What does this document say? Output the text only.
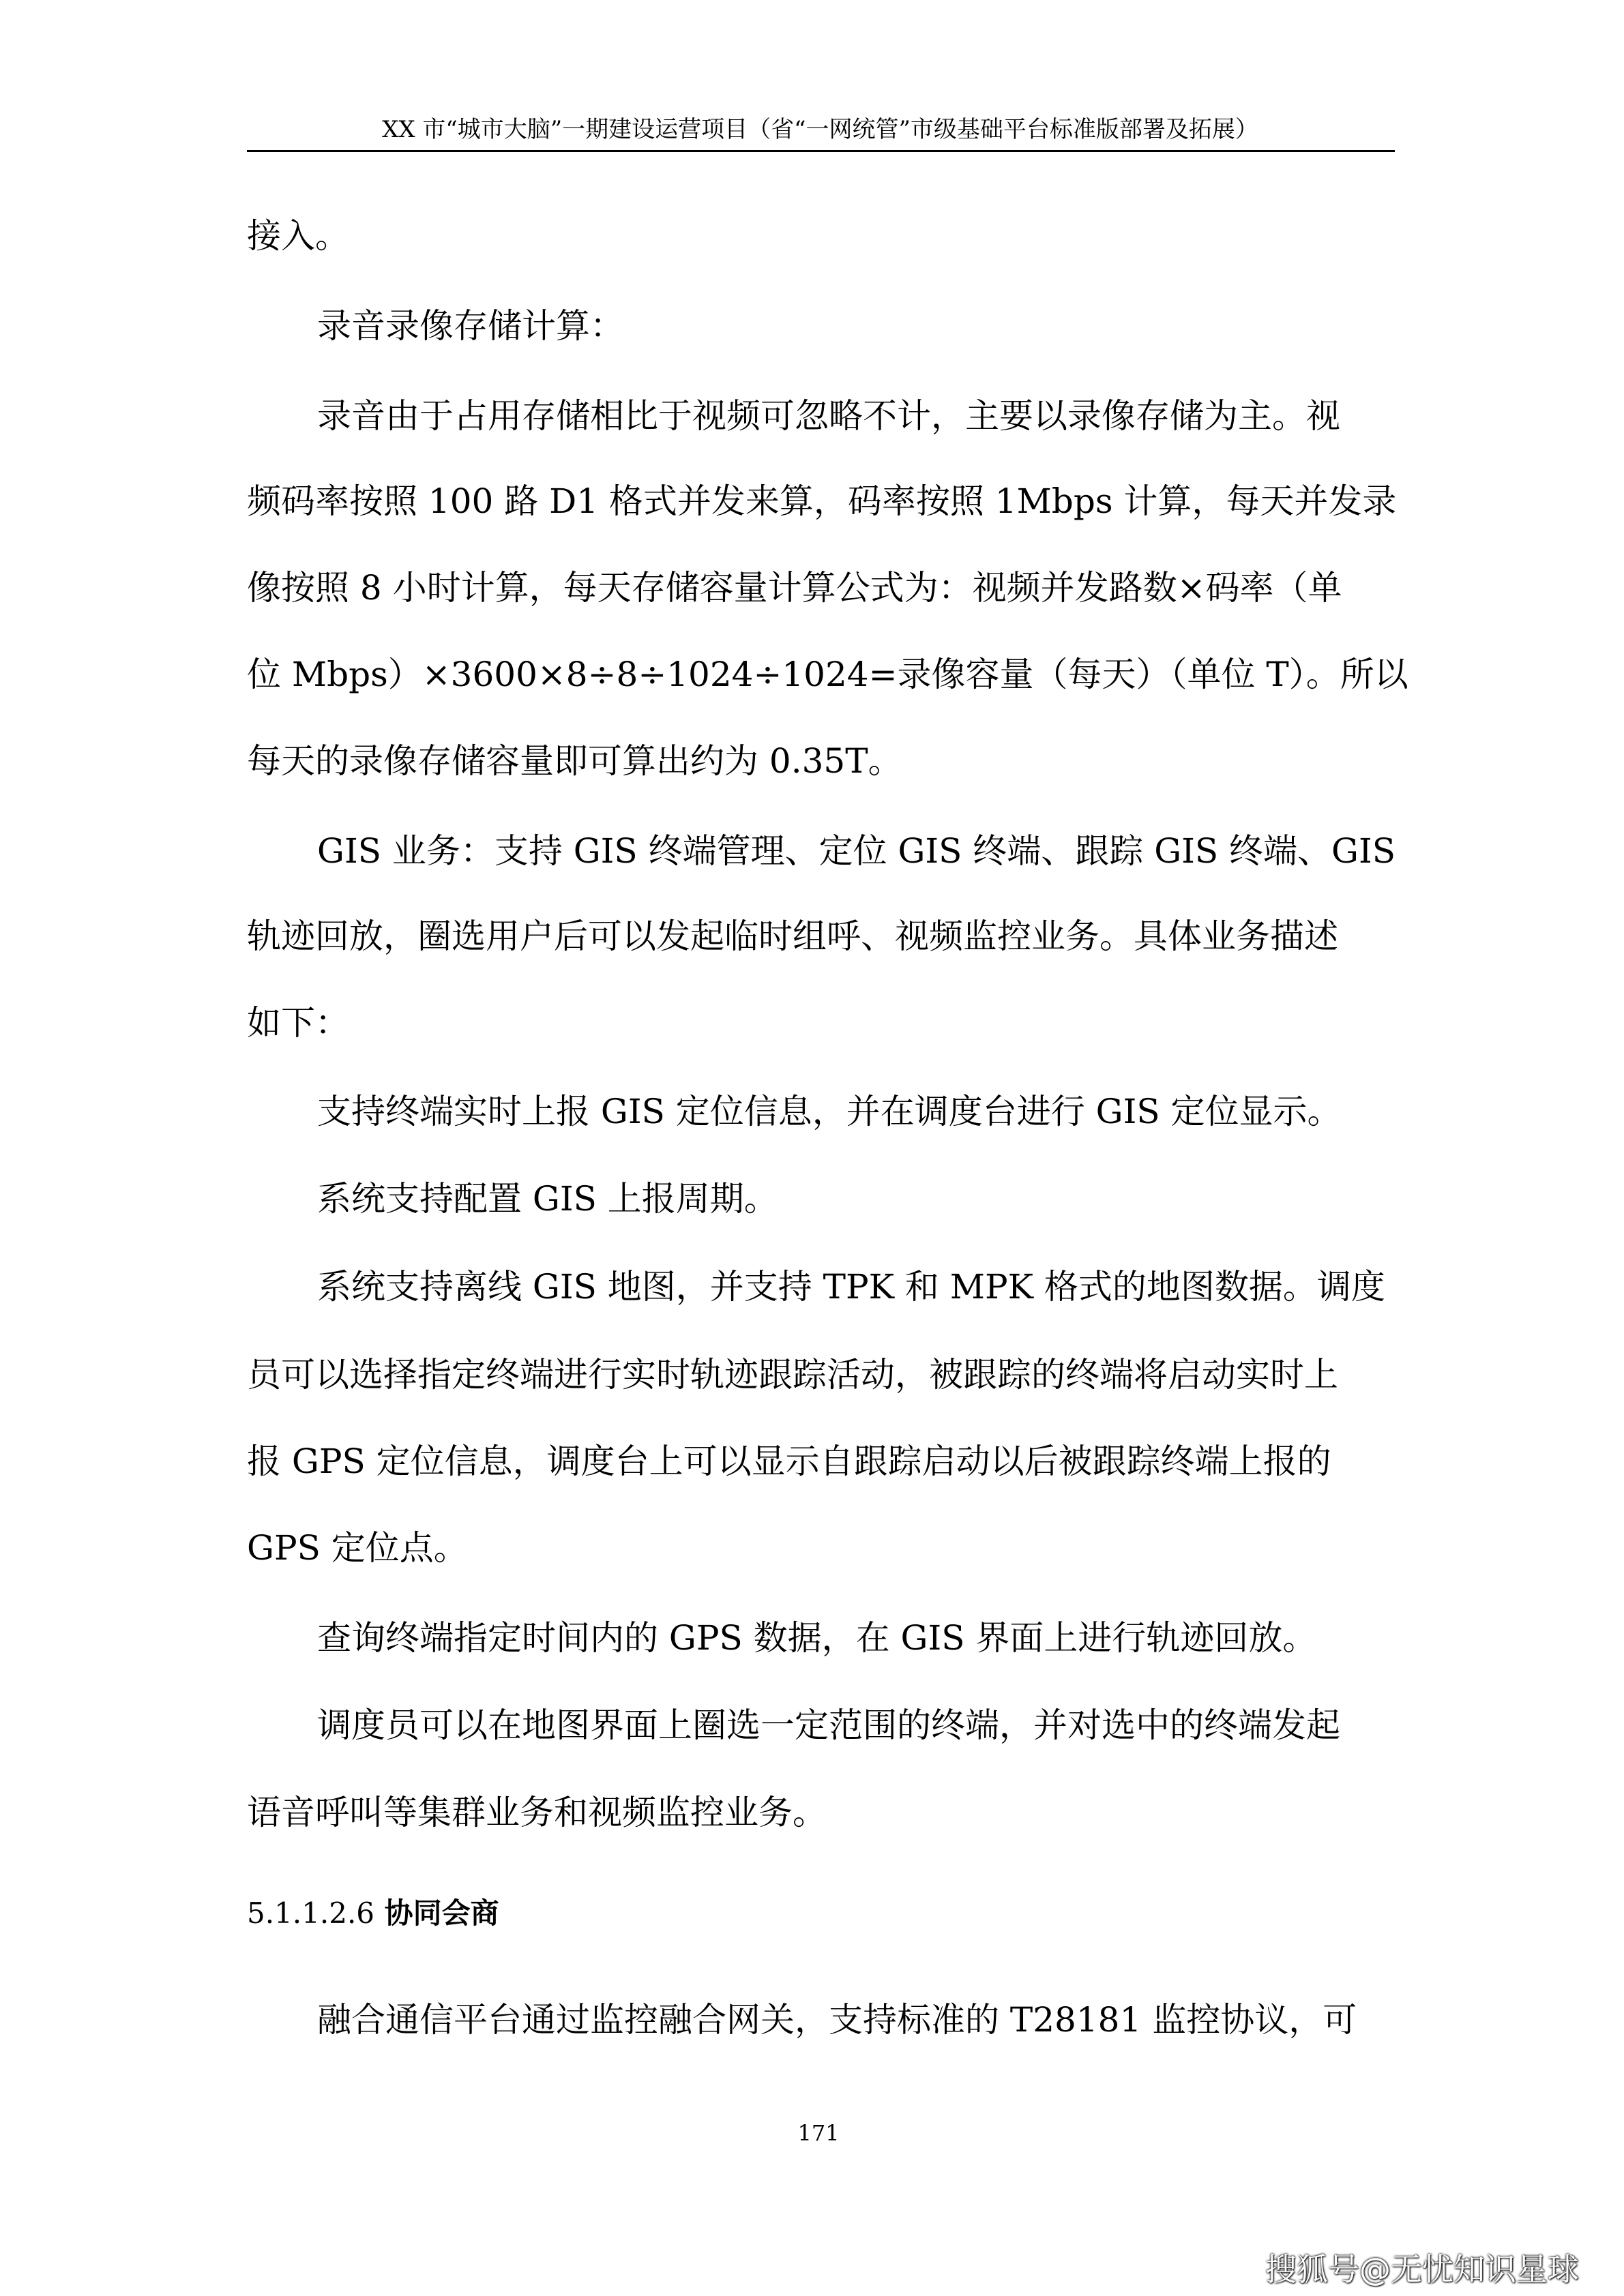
XX 市“城市大脑”一期建设运营项目（省“一网统管”市级基础平台标准版部署及拓展）
接入。
录音录像存储计算：
录音由于占用存储相比于视频可忽略不计，主要以录像存储为主。视
频码率按照 100 路 D1 格式并发来算，码率按照 1Mbps 计算，每天并发录
像按照 8 小时计算，每天存储容量计算公式为：视频并发路数×码率（单
位 Mbps）×3600×8÷8÷1024÷1024=录像容量（每天）（单位 T）。所以
每天的录像存储容量即可算出约为 0.35T。
GIS 业务：支持 GIS 终端管理、定位 GIS 终端、跟踪 GIS 终端、GIS
轨迹回放，圈选用户后可以发起临时组呼、视频监控业务。具体业务描述
如下：
支持终端实时上报 GIS 定位信息，并在调度台进行 GIS 定位显示。
系统支持配置 GIS 上报周期。
系统支持离线 GIS 地图，并支持 TPK 和 MPK 格式的地图数据。调度
员可以选择指定终端进行实时轨迹跟踪活动，被跟踪的终端将启动实时上
报 GPS 定位信息，调度台上可以显示自跟踪启动以后被跟踪终端上报的
GPS 定位点。
查询终端指定时间内的 GPS 数据，在 GIS 界面上进行轨迹回放。
调度员可以在地图界面上圈选一定范围的终端，并对选中的终端发起
语音呼叫等集群业务和视频监控业务。
5.1.1.2.6 协同会商
融合通信平台通过监控融合网关，支持标准的 T28181 监控协议，可
171
搜狐号@无忧知识星球
